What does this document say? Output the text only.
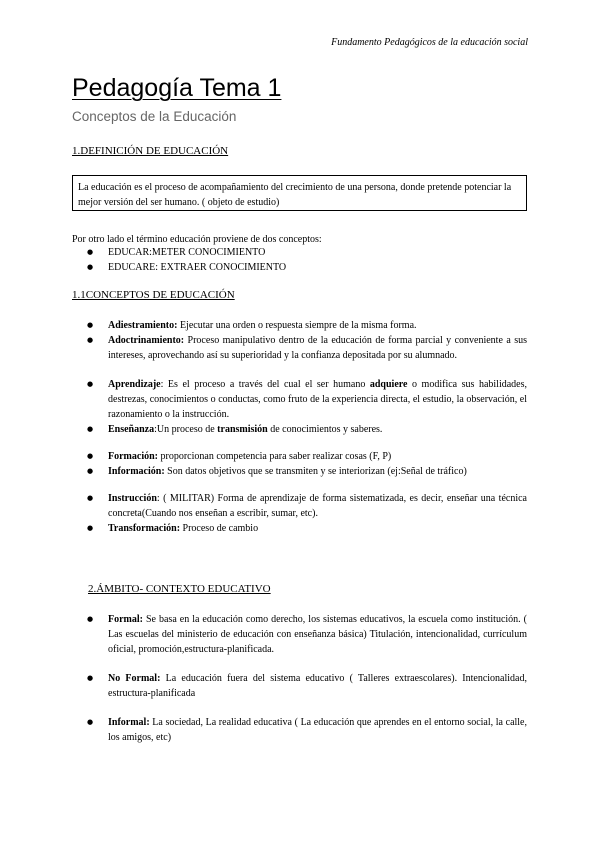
Fundamento Pedagógicos de la educación social
Pedagogía Tema 1
Conceptos de la Educación
1.DEFINICIÓN DE EDUCACIÓN
La educación es el proceso de acompañamiento del crecimiento de una persona, donde pretende potenciar la mejor versión del ser humano. ( objeto de estudio)
Por otro lado el término educación proviene de dos conceptos:
● EDUCAR:METER CONOCIMIENTO
● EDUCARE: EXTRAER CONOCIMIENTO
1.1CONCEPTOS DE EDUCACIÓN
● Adiestramiento: Ejecutar una orden o respuesta siempre de la misma forma.
● Adoctrinamiento: Proceso manipulativo dentro de la educación de forma parcial y conveniente a sus intereses, aprovechando así su superioridad y la confianza depositada por su alumnado.
● Aprendizaje: Es el proceso a través del cual el ser humano adquiere o modifica sus habilidades, destrezas, conocimientos o conductas, como fruto de la experiencia directa, el estudio, la observación, el razonamiento o la instrucción.
● Enseñanza:Un proceso de transmisión de conocimientos y saberes.
● Formación: proporcionan competencia para saber realizar cosas (F, P)
● Información: Son datos objetivos que se transmiten y se interiorizan (ej:Señal de tráfico)
● Instrucción: ( MILITAR) Forma de aprendizaje de forma sistematizada, es decir, enseñar una técnica concreta(Cuando nos enseñan a escribir, sumar, etc).
● Transformación: Proceso de cambio
2.ÁMBITO- CONTEXTO EDUCATIVO
● Formal: Se basa en la educación como derecho, los sistemas educativos, la escuela como institución. ( Las escuelas del ministerio de educación con enseñanza básica) Titulación, intencionalidad, currículum oficial, promoción,estructura-planificada.
● No Formal: La educación fuera del sistema educativo ( Talleres extraescolares). Intencionalidad, estructura-planificada
● Informal: La sociedad, La realidad educativa ( La educación que aprendes en el entorno social, la calle, los amigos, etc)
